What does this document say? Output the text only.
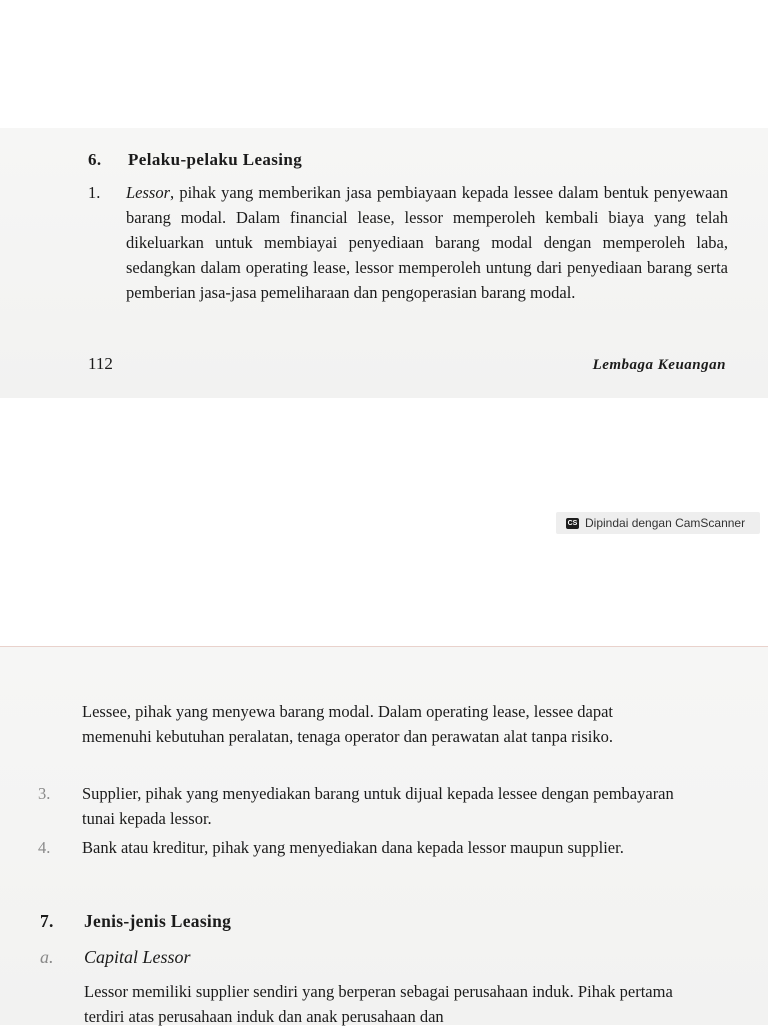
6. Pelaku-pelaku Leasing
1. Lessor, pihak yang memberikan jasa pembiayaan kepada lessee dalam bentuk penyewaan barang modal. Dalam financial lease, lessor memperoleh kembali biaya yang telah dikeluarkan untuk membiayai penyediaan barang modal dengan memperoleh laba, sedangkan dalam operating lease, lessor memperoleh untung dari penyediaan barang serta pemberian jasa-jasa pemeliharaan dan pengoperasian barang modal.
112	Lembaga Keuangan
CS Dipindai dengan CamScanner
Lessee, pihak yang menyewa barang modal. Dalam operating lease, lessee dapat memenuhi kebutuhan peralatan, tenaga operator dan perawatan alat tanpa risiko.
3. Supplier, pihak yang menyediakan barang untuk dijual kepada lessee dengan pembayaran tunai kepada lessor.
4. Bank atau kreditur, pihak yang menyediakan dana kepada lessor maupun supplier.
7. Jenis-jenis Leasing
a. Capital Lessor
Lessor memiliki supplier sendiri yang berperan sebagai perusahaan induk. Pihak pertama terdiri atas perusahaan induk dan anak perusahaan dan
